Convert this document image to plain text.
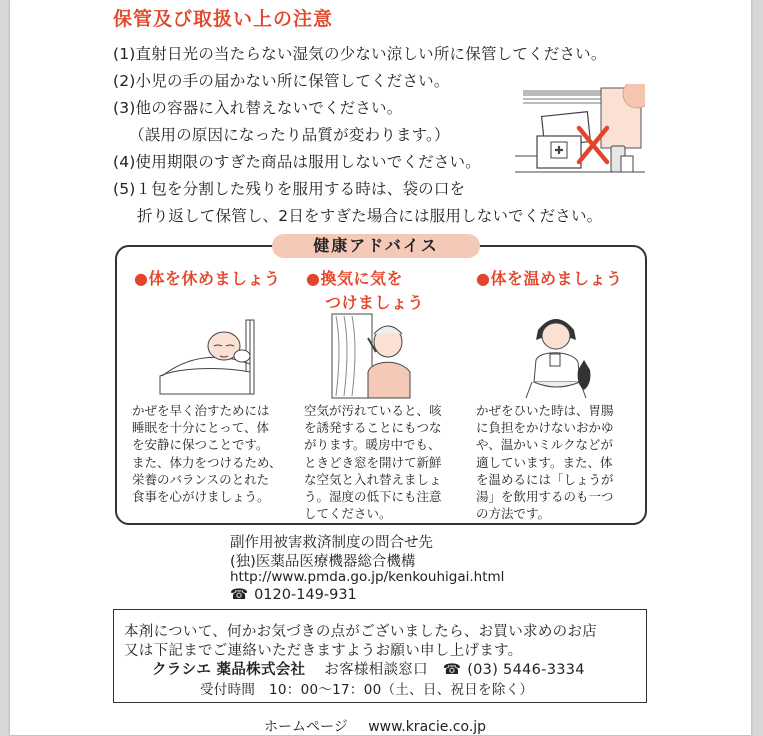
保管及び取扱い上の注意
(1)直射日光の当たらない湿気の少ない涼しい所に保管してください。
(2)小児の手の届かない所に保管してください。
(3)他の容器に入れ替えないでください。
（誤用の原因になったり品質が変わります。）
(4)使用期限のすぎた商品は服用しないでください。
(5)１包を分割した残りを服用する時は、袋の口を
折り返して保管し、2日をすぎた場合には服用しないでください。
健康アドバイス
●体を休めましょう
かぜを早く治すためには
睡眠を十分にとって、体
を安静に保つことです。
また、体力をつけるため、
栄養のバランスのとれた
食事を心がけましょう。
●換気に気を
つけましょう
空気が汚れていると、咳
を誘発することにもつな
がります。暖房中でも、
ときどき窓を開けて新鮮
な空気と入れ替えましょ
う。湿度の低下にも注意
してください。
●体を温めましょう
かぜをひいた時は、胃腸
に負担をかけないおかゆ
や、温かいミルクなどが
適しています。また、体
を温めるには「しょうが
湯」を飲用するのも一つ
の方法です。
副作用被害救済制度の問合せ先
(独)医薬品医療機器総合機構
http://www.pmda.go.jp/kenkouhigai.html
☎ 0120-149-931
本剤について、何かお気づきの点がございましたら、お買い求めのお店
又は下記までご連絡いただきますようお願い申し上げます。
クラシエ 薬品株式会社 お客様相談窓口 ☎ (03) 5446-3334
受付時間　10：00〜17：00（土、日、祝日を除く）
ホームページ www.kracie.co.jp
